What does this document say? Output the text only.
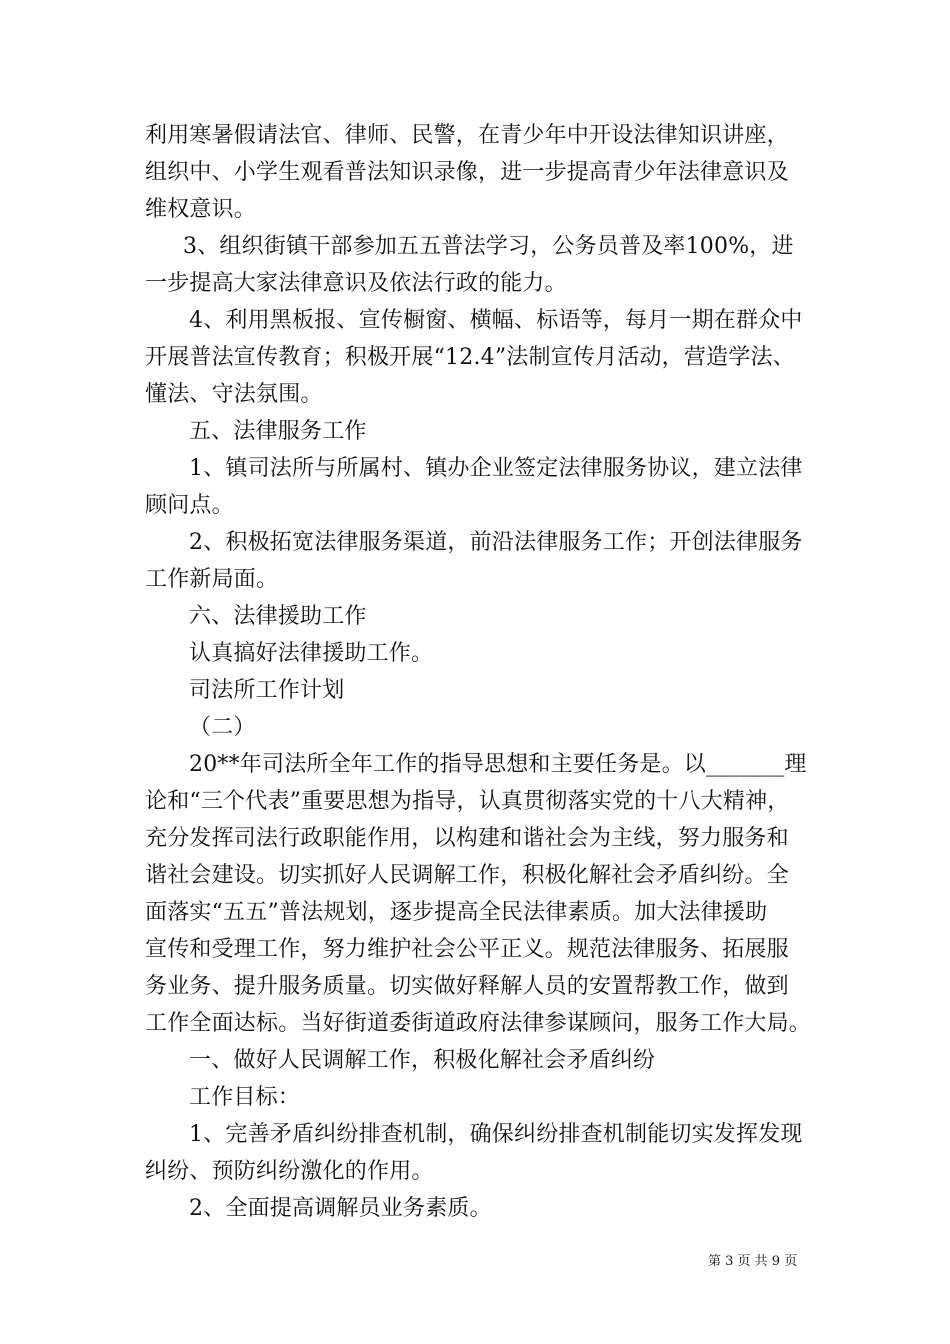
利用寒暑假请法官、律师、民警，在青少年中开设法律知识讲座，
组织中、小学生观看普法知识录像，进一步提高青少年法律意识及
维权意识。
3、组织街镇干部参加五五普法学习，公务员普及率100%，进
一步提高大家法律意识及依法行政的能力。
4、利用黑板报、宣传橱窗、横幅、标语等，每月一期在群众中
开展普法宣传教育；积极开展“12.4”法制宣传月活动，营造学法、
懂法、守法氛围。
五、法律服务工作
1、镇司法所与所属村、镇办企业签定法律服务协议，建立法律
顾问点。
2、积极拓宽法律服务渠道，前沿法律服务工作；开创法律服务
工作新局面。
六、法律援助工作
认真搞好法律援助工作。
司法所工作计划
（二）
20**年司法所全年工作的指导思想和主要任务是。以_______理
论和“三个代表”重要思想为指导，认真贯彻落实党的十八大精神，
充分发挥司法行政职能作用，以构建和谐社会为主线，努力服务和
谐社会建设。切实抓好人民调解工作，积极化解社会矛盾纠纷。全
面落实“五五”普法规划，逐步提高全民法律素质。加大法律援助
宣传和受理工作，努力维护社会公平正义。规范法律服务、拓展服
务业务、提升服务质量。切实做好释解人员的安置帮教工作，做到
工作全面达标。当好街道委街道政府法律参谋顾问，服务工作大局。
一、做好人民调解工作，积极化解社会矛盾纠纷
工作目标：
1、完善矛盾纠纷排查机制，确保纠纷排查机制能切实发挥发现
纠纷、预防纠纷激化的作用。
2、全面提高调解员业务素质。
第 3 页 共 9 页
